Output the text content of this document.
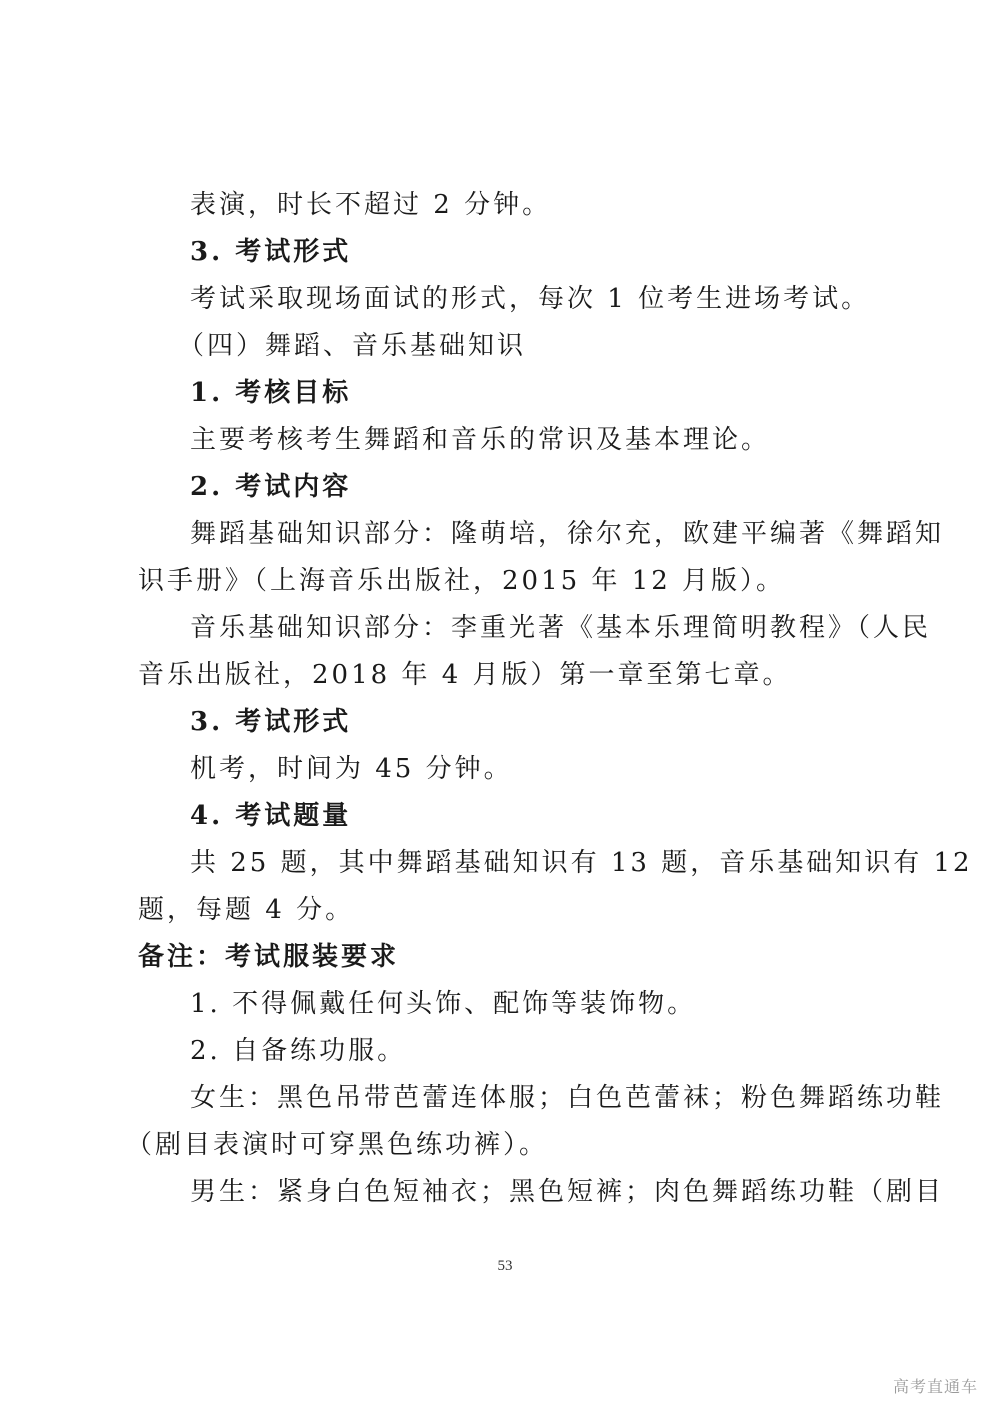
表演，时长不超过 2 分钟。
3. 考试形式
考试采取现场面试的形式，每次 1 位考生进场考试。
（四）舞蹈、音乐基础知识
1. 考核目标
主要考核考生舞蹈和音乐的常识及基本理论。
2. 考试内容
舞蹈基础知识部分：隆萌培，徐尔充，欧建平编著《舞蹈知
识手册》（上海音乐出版社，2015 年 12 月版）。
音乐基础知识部分：李重光著《基本乐理简明教程》（人民
音乐出版社，2018 年 4 月版）第一章至第七章。
3. 考试形式
机考，时间为 45 分钟。
4. 考试题量
共 25 题，其中舞蹈基础知识有 13 题，音乐基础知识有 12
题，每题 4 分。
备注：考试服装要求
1. 不得佩戴任何头饰、配饰等装饰物。
2. 自备练功服。
女生：黑色吊带芭蕾连体服；白色芭蕾袜；粉色舞蹈练功鞋
（剧目表演时可穿黑色练功裤）。
男生：紧身白色短袖衣；黑色短裤；肉色舞蹈练功鞋（剧目
53
高考直通车
